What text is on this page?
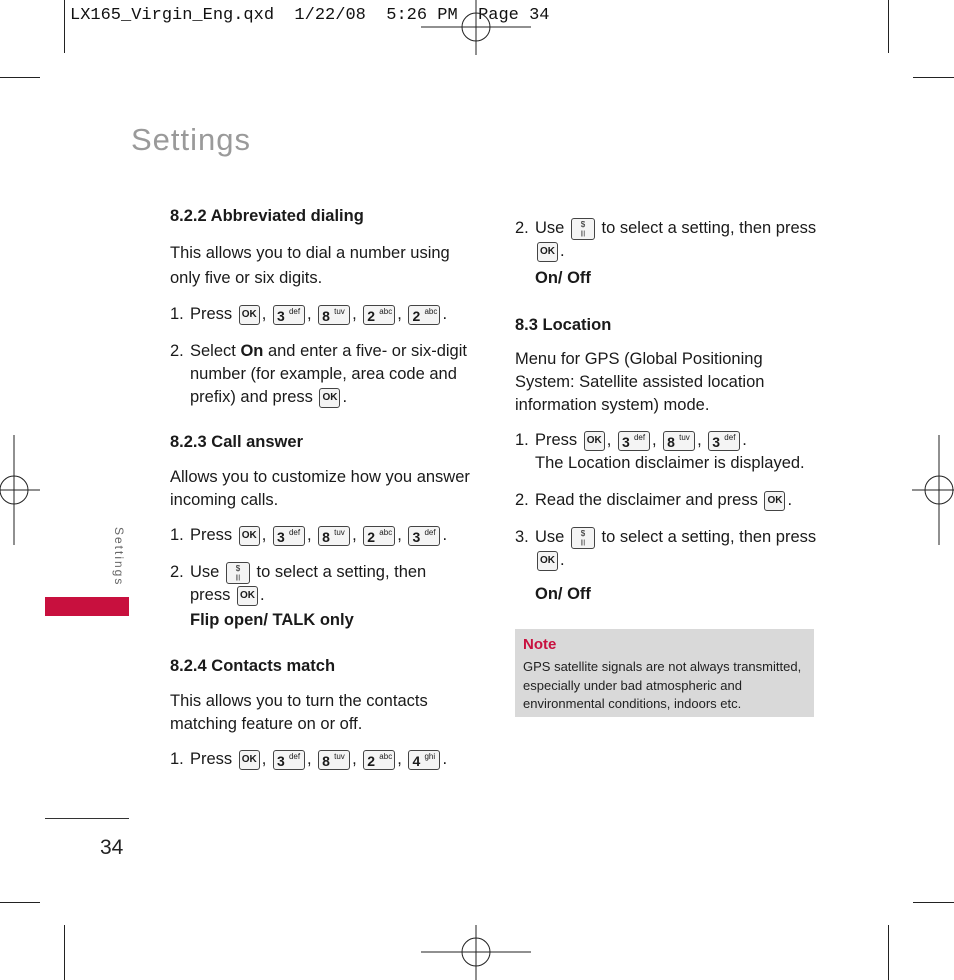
LX165_Virgin_Eng.qxd  1/22/08  5:26 PM  Page 34
Settings
Settings
34

8.2.2 Abbreviated dialing

This allows you to dial a number using only five or six digits.

1. Press OK , 3 def , 8 tuv , 2 abc , 2 abc .
2. Select On and enter a five- or six-digit number (for example, area code and prefix) and press OK .

8.2.3 Call answer

Allows you to customize how you answer incoming calls.

1. Press OK , 3 def , 8 tuv , 2 abc , 3 def .
2. Use	$
||| to select a setting, then press OK .

Flip open/ TALK only

8.2.4 Contacts match

This allows you to turn the contacts matching feature on or off.

1. Press OK , 3 def , 8 tuv , 2 abc , 4 ghi .
2. Use	$
||| to select a setting, then press OK .

On/ Off

8.3 Location

Menu for GPS (Global Positioning System: Satellite assisted location information system) mode.

1. Press OK , 3 def , 8 tuv , 3 def .
The Location disclaimer is displayed.
2. Read the disclaimer and press OK .
3. Use	$
||| to select a setting, then press OK .

On/ Off

Note
GPS satellite signals are not always transmitted, especially under bad atmospheric and environmental conditions, indoors etc.
